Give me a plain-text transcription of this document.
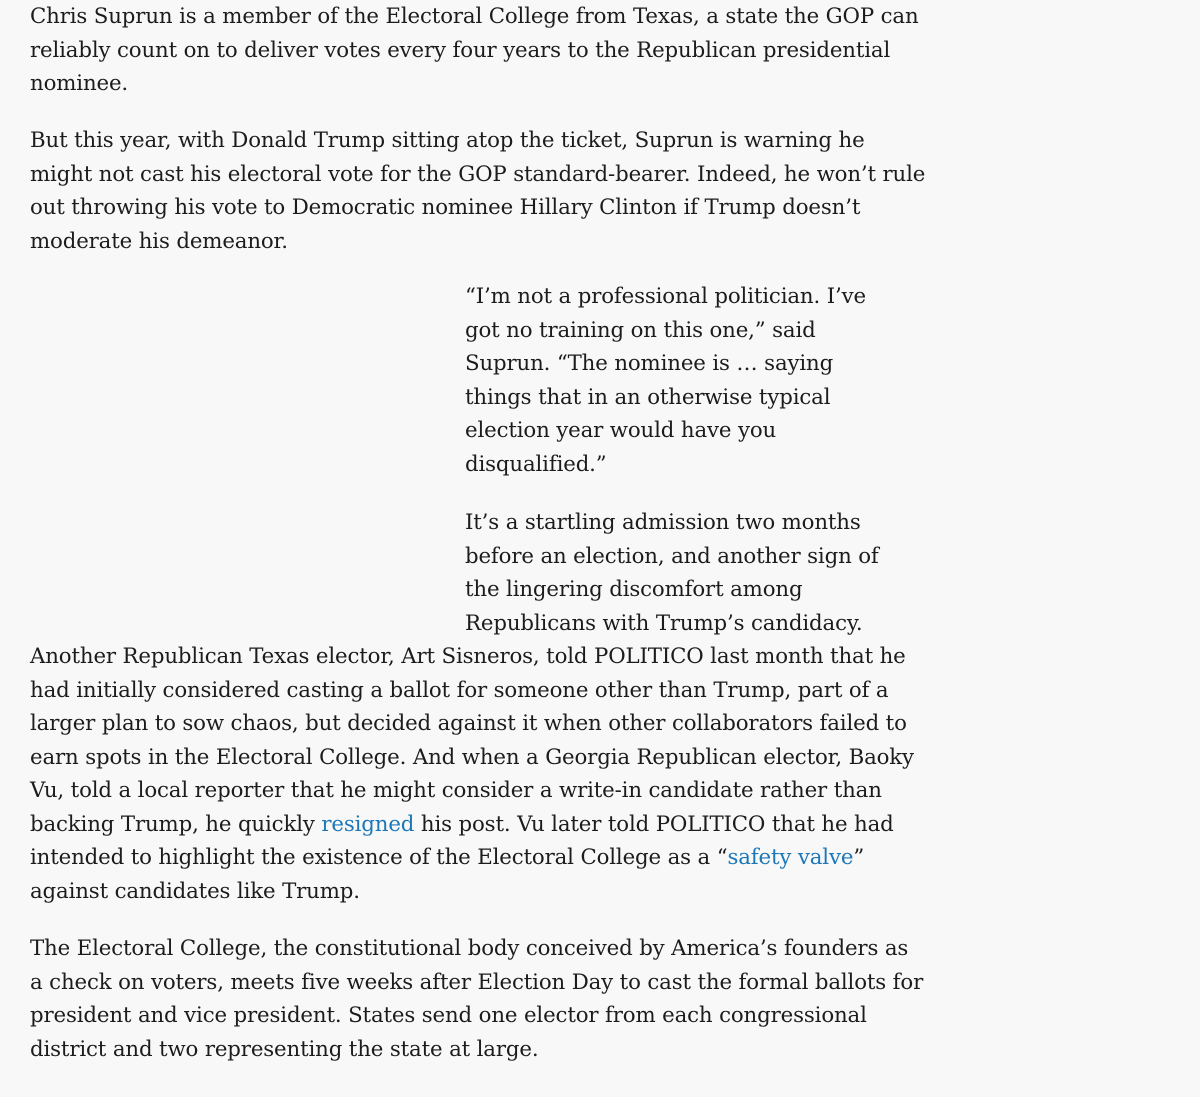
Chris Suprun is a member of the Electoral College from Texas, a state the GOP can
reliably count on to deliver votes every four years to the Republican presidential
nominee.

But this year, with Donald Trump sitting atop the ticket, Suprun is warning he
might not cast his electoral vote for the GOP standard-bearer. Indeed, he won’t rule
out throwing his vote to Democratic nominee Hillary Clinton if Trump doesn’t
moderate his demeanor.

“I’m not a professional politician. I’ve
got no training on this one,” said
Suprun. “The nominee is … saying
things that in an otherwise typical
election year would have you
disqualified.”

It’s a startling admission two months
before an election, and another sign of
the lingering discomfort among
Republicans with Trump’s candidacy.
Another Republican Texas elector, Art Sisneros, told POLITICO last month that he
had initially considered casting a ballot for someone other than Trump, part of a
larger plan to sow chaos, but decided against it when other collaborators failed to
earn spots in the Electoral College. And when a Georgia Republican elector, Baoky
Vu, told a local reporter that he might consider a write-in candidate rather than
backing Trump, he quickly resigned his post. Vu later told POLITICO that he had
intended to highlight the existence of the Electoral College as a “safety valve”
against candidates like Trump.

The Electoral College, the constitutional body conceived by America’s founders as
a check on voters, meets five weeks after Election Day to cast the formal ballots for
president and vice president. States send one elector from each congressional
district and two representing the state at large.
